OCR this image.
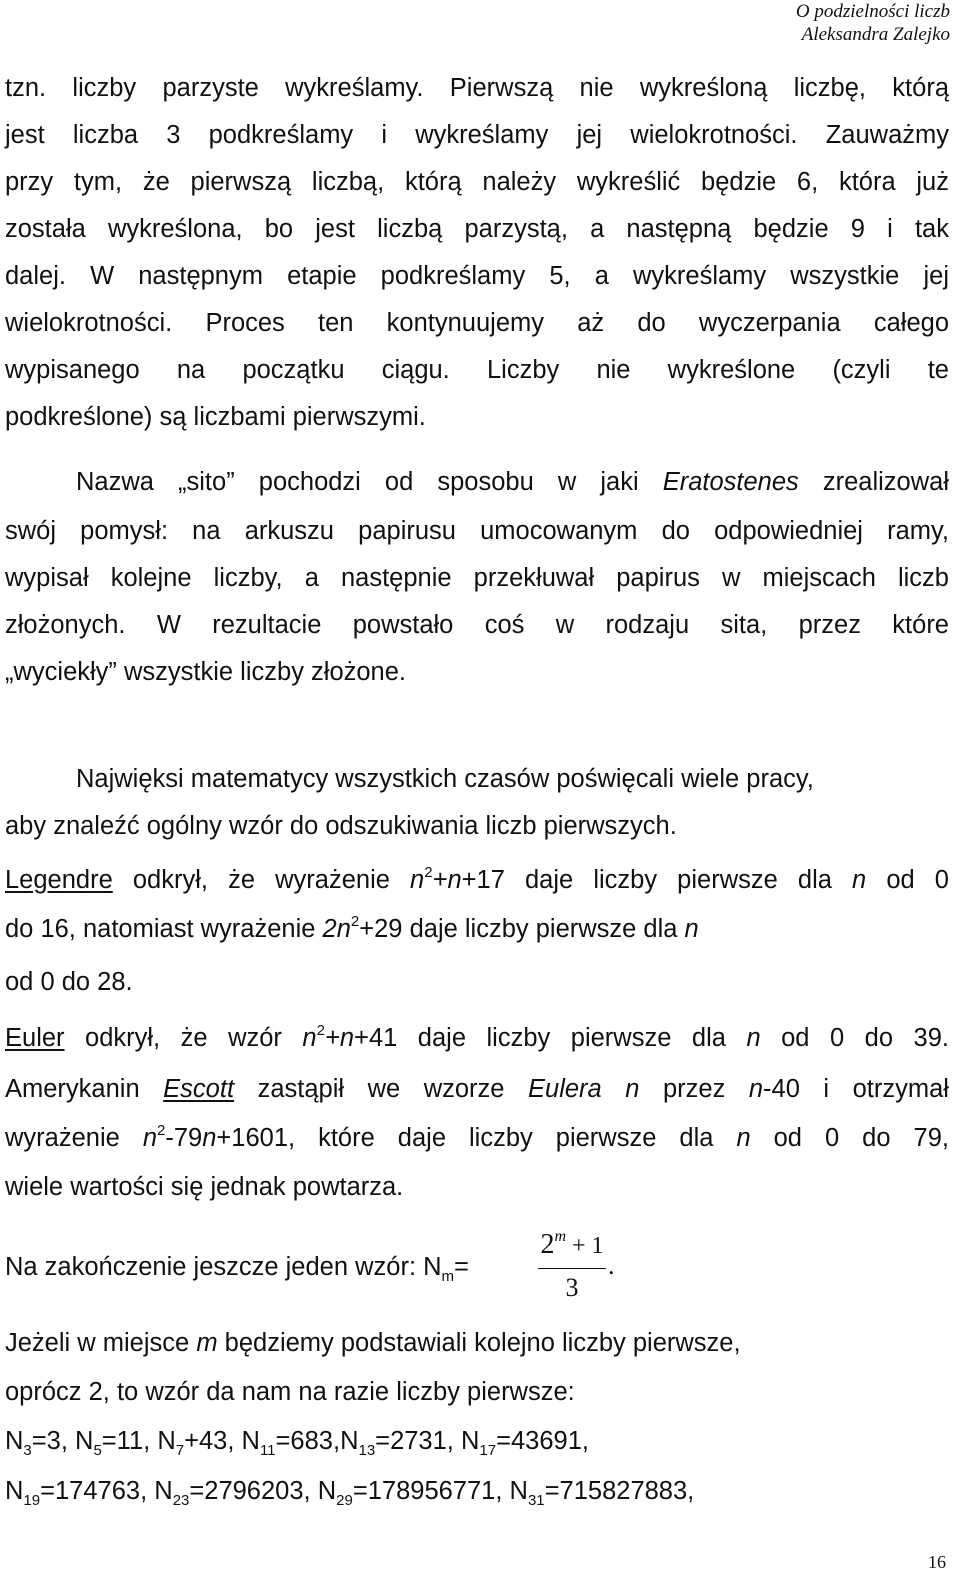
O podzielności liczb
Aleksandra Zalejko
tzn. liczby parzyste wykreślamy. Pierwszą nie wykreśloną liczbę, którą
jest liczba 3 podkreślamy i wykreślamy jej wielokrotności. Zauważmy
przy tym, że pierwszą liczbą, którą należy wykreślić będzie 6, która już
została wykreślona, bo jest liczbą parzystą, a następną będzie 9 i tak
dalej. W następnym etapie podkreślamy 5, a wykreślamy wszystkie jej
wielokrotności. Proces ten kontynuujemy aż do wyczerpania całego
wypisanego na początku ciągu. Liczby nie wykreślone (czyli te
podkreślone) są liczbami pierwszymi.
Nazwa „sito” pochodzi od sposobu w jaki Eratostenes zrealizował
swój pomysł: na arkuszu papirusu umocowanym do odpowiedniej ramy,
wypisał kolejne liczby, a następnie przekłuwał papirus w miejscach liczb
złożonych. W rezultacie powstało coś w rodzaju sita, przez które
„wyciekły” wszystkie liczby złożone.
Najwięksi matematycy wszystkich czasów poświęcali wiele pracy,
aby znaleźć ogólny wzór do odszukiwania liczb pierwszych.
Legendre odkrył, że wyrażenie $n^2+n+17$ daje liczby pierwsze dla n od 0
do 16, natomiast wyrażenie $2n^2+29$ daje liczby pierwsze dla n
od 0 do 28.
Euler odkrył, że wzór $n^2+n+41$ daje liczby pierwsze dla n od 0 do 39.
Amerykanin Escott zastąpił we wzorze Eulera n przez n-40 i otrzymał
wyrażenie $n^2-79n+1601$, które daje liczby pierwsze dla n od 0 do 79,
wiele wartości się jednak powtarza.
Na zakończenie jeszcze jeden wzór: $N_m=$
$2^m + 1$
3
.
Jeżeli w miejsce m będziemy podstawiali kolejno liczby pierwsze,
oprócz 2, to wzór da nam na razie liczby pierwsze:
$N_3=3$, $N_5=11$, $N_7+43$, $N_{11}=683,N_{13}=2731$, $N_{17}=43691$,
$N_{19}=174763$, $N_{23}=2796203$, $N_{29}=178956771$, $N_{31}=715827883$,
16
